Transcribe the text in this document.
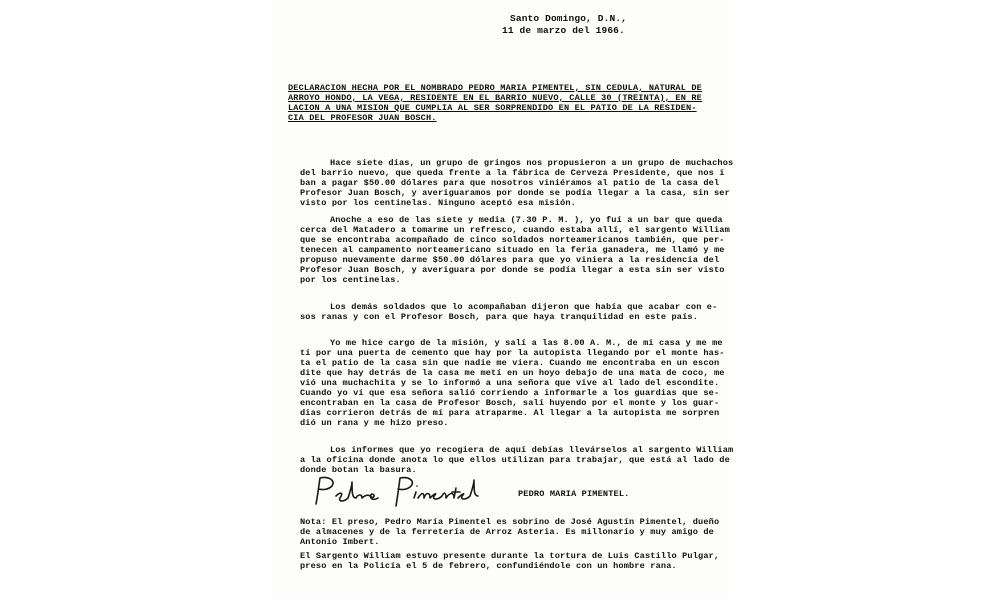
Santo Domingo, D.N.,
11 de marzo del 1966.
DECLARACION HECHA POR EL NOMBRADO PEDRO MARIA PIMENTEL, SIN CEDULA, NATURAL DE
ARROYO HONDO, LA VEGA, RESIDENTE EN EL BARRIO NUEVO, CALLE 30 (TREINTA), EN RE
LACION A UNA MISION QUE CUMPLIA AL SER SORPRENDIDO EN EL PATIO DE LA RESIDEN-
CIA DEL PROFESOR JUAN BOSCH.
Hace siete días, un grupo de gringos nos propusieron a un grupo de muchachos
del barrio nuevo, que queda frente a la fábrica de Cerveza Presidente, que nos i
ban a pagar $50.00 dólares para que nosotros viniéramos al patio de la casa del
Profesor Juan Bosch, y averiguaramos por donde se podía llegar a la casa, sin ser
visto por los centinelas. Ninguno aceptó esa misión.
Anoche a eso de las siete y media (7.30 P. M. ), yo fuí a un bar que queda
cerca del Matadero a tomarme un refresco, cuando estaba allí, el sargento William
que se encontraba acompañado de cinco soldados norteamericanos también, que per-
tenecen al campamento norteamericano situado en la feria ganadera, me llamó y me
propuso nuevamente darme $50.00 dólares para que yo viniera a la residencia del
Profesor Juan Bosch, y averiguara por donde se podía llegar a esta sin ser visto
por los centinelas.
Los demás soldados que lo acompañaban dijeron que había que acabar con e-
sos ranas y con el Profesor Bosch, para que haya tranquilidad en este país.
Yo me hice cargo de la misión, y salí a las 8.00 A. M., de mi casa y me me
tí por una puerta de cemento que hay por la autopista llegando por el monte has-
ta el patio de la casa sin que nadie me viera. Cuando me encontraba en un escon
dite que hay detrás de la casa me metí en un hoyo debajo de una mata de coco, me
vió una muchachita y se lo informó a una señora que vive al lado del escondite.
Cuando yo ví que esa señora salió corriendo a informarle a los guardias que se-
encontraban en la casa de Profesor Bosch, salí huyendo por el monte y los guar-
dias corrieron detrás de mí para atraparme. Al llegar a la autopista me sorpren
dió un rana y me hizo preso.
Los informes que yo recogiera de aquí debías llevárselos al sargento William
a la oficina donde anota lo que ellos utilizan para trabajar, que está al lado de
donde botan la basura.
PEDRO MARIA PIMENTEL.
Nota: El preso, Pedro María Pimentel es sobrino de José Agustín Pimentel, dueño
de almacenes y de la ferretería de Arroz Asteria. Es millonario y muy amigo de
Antonio Imbert.
El Sargento William estuvo presente durante la tortura de Luis Castillo Pulgar,
preso en la Policía el 5 de febrero, confundiéndole con un hombre rana.
